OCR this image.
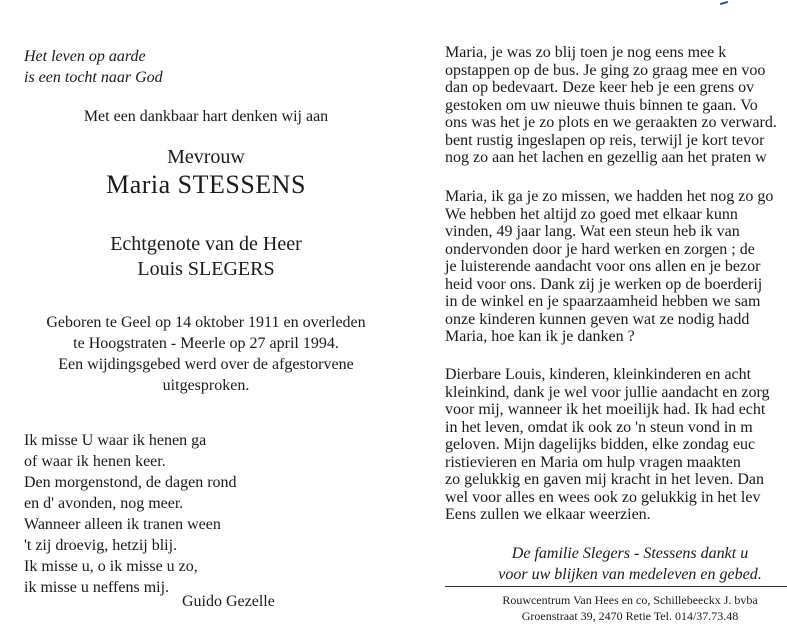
Het leven op aarde
is een tocht naar God
Met een dankbaar hart denken wij aan
Mevrouw
Maria STESSENS
Echtgenote van de Heer
Louis SLEGERS
Geboren te Geel op 14 oktober 1911 en overleden
te Hoogstraten - Meerle op 27 april 1994.
Een wijdingsgebed werd over de afgestorvene
uitgesproken.
Ik misse U waar ik henen ga
of waar ik henen keer.
Den morgenstond, de dagen rond
en d' avonden, nog meer.
Wanneer alleen ik tranen ween
't zij droevig, hetzij blij.
Ik misse u, o ik misse u zo,
ik misse u neffens mij.
Guido Gezelle
Maria, je was zo blij toen je nog eens mee k
opstappen op de bus. Je ging zo graag mee en voo
dan op bedevaart. Deze keer heb je een grens ov
gestoken om uw nieuwe thuis binnen te gaan. Vo
ons was het je zo plots en we geraakten zo verward.
bent rustig ingeslapen op reis, terwijl je kort tevor
nog zo aan het lachen en gezellig aan het praten w
Maria, ik ga je zo missen, we hadden het nog zo go
We hebben het altijd zo goed met elkaar kunn
vinden, 49 jaar lang. Wat een steun heb ik van
ondervonden door je hard werken en zorgen ; de
je luisterende aandacht voor ons allen en je bezor
heid voor ons. Dank zij je werken op de boerderij
in de winkel en je spaarzaamheid hebben we sam
onze kinderen kunnen geven wat ze nodig hadd
Maria, hoe kan ik je danken ?
Dierbare Louis, kinderen, kleinkinderen en acht
kleinkind, dank je wel voor jullie aandacht en zorg
voor mij, wanneer ik het moeilijk had. Ik had echt
in het leven, omdat ik ook zo 'n steun vond in m
geloven. Mijn dagelijks bidden, elke zondag euc
ristievieren en Maria om hulp vragen maakten
zo gelukkig en gaven mij kracht in het leven. Dan
wel voor alles en wees ook zo gelukkig in het lev
Eens zullen we elkaar weerzien.
De familie Slegers - Stessens dankt u
voor uw blijken van medeleven en gebed.
Rouwcentrum Van Hees en co, Schillebeeckx J. bvba
Groenstraat 39, 2470 Retie Tel. 014/37.73.48
